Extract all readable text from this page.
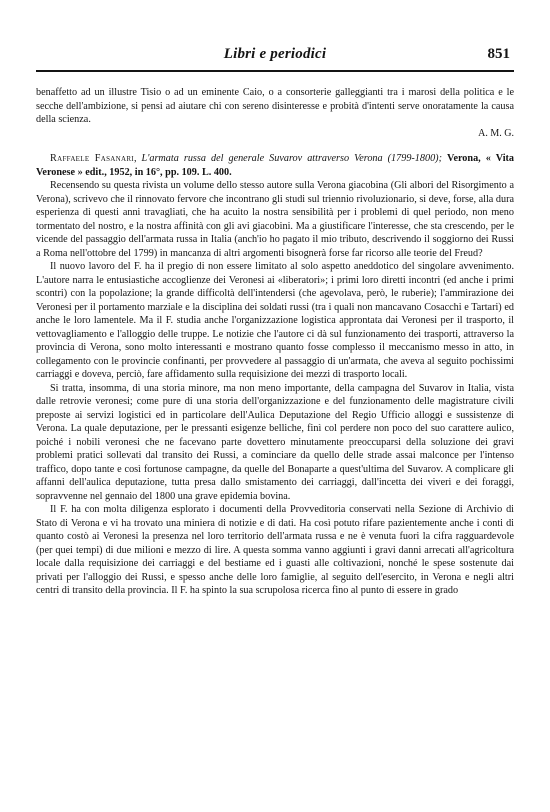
Libri e periodici	851

benaffetto ad un illustre Tisio o ad un eminente Caio, o a consorterie galleggianti tra i marosi della politica e le secche dell'ambizione, si pensi ad aiutare chi con sereno disinteresse e probità d'intenti serve onoratamente la causa della scienza.

A. M. G.

Raffaele Fasanari, L'armata russa del generale Suvarov attraverso Verona (1799-1800); Verona, « Vita Veronese » edit., 1952, in 16°, pp. 109. L. 400.

Recensendo su questa rivista un volume dello stesso autore sulla Verona giacobina (Gli albori del Risorgimento a Verona), scrivevo che il rinnovato fervore che incontrano gli studi sul triennio rivoluzionario, si deve, forse, alla dura esperienza di questi anni travagliati, che ha acuito la nostra sensibilità per i problemi di quel periodo, non meno tormentato del nostro, e la nostra affinità con gli avi giacobini. Ma a giustificare l'interesse, che sta crescendo, per le vicende del passaggio dell'armata russa in Italia (anch'io ho pagato il mio tributo, descrivendo il soggiorno dei Russi a Roma nell'ottobre del 1799) in mancanza di altri argomenti bisognerà forse far ricorso alle teorie del Freud?

Il nuovo lavoro del F. ha il pregio di non essere limitato al solo aspetto aneddotico del singolare avvenimento. L'autore narra le entusiastiche accoglienze dei Veronesi ai «liberatori»; i primi loro diretti incontri (ed anche i primi scontri) con la popolazione; la grande difficoltà dell'intendersi (che agevolava, però, le ruberie); l'ammirazione dei Veronesi per il portamento marziale e la disciplina dei soldati russi (tra i quali non mancavano Cosacchi e Tartari) ed anche le loro lamentele. Ma il F. studia anche l'organizzazione logistica approntata dai Veronesi per il trasporto, il vettovagliamento e l'alloggio delle truppe. Le notizie che l'autore ci dà sul funzionamento dei trasporti, attraverso la provincia di Verona, sono molto interessanti e mostrano quanto fosse complesso il meccanismo messo in atto, in collegamento con le provincie confinanti, per provvedere al passaggio di un'armata, che aveva al seguito pochissimi carriaggi e doveva, perciò, fare affidamento sulla requisizione dei mezzi di trasporto locali.

Si tratta, insomma, di una storia minore, ma non meno importante, della campagna del Suvarov in Italia, vista dalle retrovie veronesi; come pure di una storia dell'organizzazione e del funzionamento delle magistrature civili preposte ai servizi logistici ed in particolare dell'Aulica Deputazione del Regio Ufficio alloggi e sussistenze di Verona. La quale deputazione, per le pressanti esigenze belliche, finì col perdere non poco del suo carattere aulico, poiché i nobili veronesi che ne facevano parte dovettero minutamente preoccuparsi della soluzione dei gravi problemi pratici sollevati dal transito dei Russi, a cominciare da quello delle strade assai malconce per l'intenso traffico, dopo tante e così fortunose campagne, da quelle del Bonaparte a quest'ultima del Suvarov. A complicare gli affanni dell'aulica deputazione, tutta presa dallo smistamento dei carriaggi, dall'incetta dei viveri e dei foraggi, sopravvenne nel gennaio del 1800 una grave epidemia bovina.

Il F. ha con molta diligenza esplorato i documenti della Provveditoria conservati nella Sezione di Archivio di Stato di Verona e vi ha trovato una miniera di notizie e di dati. Ha così potuto rifare pazientemente anche i conti di quanto costò ai Veronesi la presenza nel loro territorio dell'armata russa e ne è venuta fuori la cifra ragguardevole (per quei tempi) di due milioni e mezzo di lire. A questa somma vanno aggiunti i gravi danni arrecati all'agricoltura locale dalla requisizione dei carriaggi e del bestiame ed i guasti alle coltivazioni, nonché le spese sostenute dai privati per l'alloggio dei Russi, e spesso anche delle loro famiglie, al seguito dell'esercito, in Verona e negli altri centri di transito della provincia. Il F. ha spinto la sua scrupolosa ricerca fino al punto di essere in grado
